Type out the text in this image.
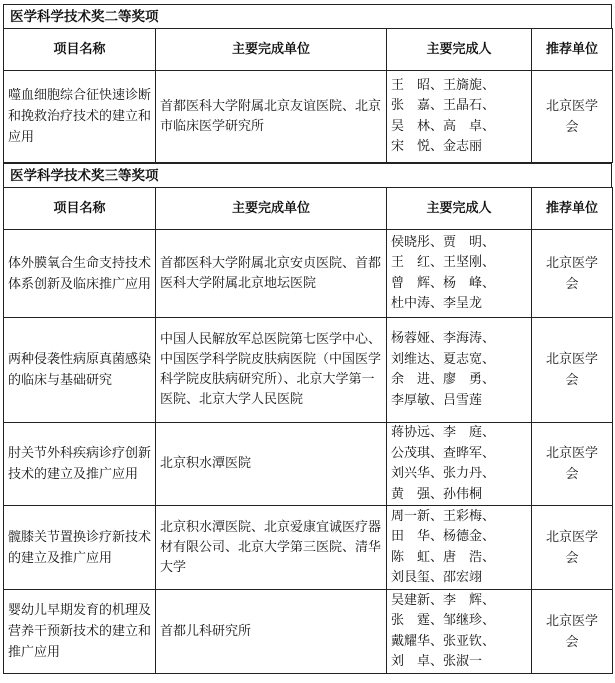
医学科学技术奖二等奖项
项目名称	主要完成单位	主要完成人	推荐单位
噬血细胞综合征快速诊断和挽救治疗技术的建立和应用	首都医科大学附属北京友谊医院、北京市临床医学研究所	王　昭、王旖旎、
张　嘉、王晶石、
吴　林、高　卓、
宋　悦、金志丽	北京医学会
医学科学技术奖三等奖项
项目名称	主要完成单位	主要完成人	推荐单位
体外膜氧合生命支持技术体系创新及临床推广应用	首都医科大学附属北京安贞医院、首都医科大学附属北京地坛医院	侯晓彤、贾　明、
王　红、王坚刚、
曾　辉、杨　峰、
杜中涛、李呈龙	北京医学会
两种侵袭性病原真菌感染的临床与基础研究	中国人民解放军总医院第七医学中心、中国医学科学院皮肤病医院（中国医学科学院皮肤病研究所）、北京大学第一医院、北京大学人民医院	杨蓉娅、李海涛、
刘维达、夏志宽、
余　进、廖　勇、
李厚敏、吕雪莲	北京医学会
肘关节外科疾病诊疗创新技术的建立及推广应用	北京积水潭医院	蒋协远、李　庭、
公茂琪、查晔军、
刘兴华、张力丹、
黄　强、孙伟桐	北京医学会
髋膝关节置换诊疗新技术的建立及推广应用	北京积水潭医院、北京爱康宜诚医疗器材有限公司、北京大学第三医院、清华大学	周一新、王彩梅、
田　华、杨德金、
陈　虹、唐　浩、
刘艮玺、邵宏翊	北京医学会
婴幼儿早期发育的机理及营养干预新技术的建立和推广应用	首都儿科研究所	吴建新、李　辉、
张　霆、邹继珍、
戴耀华、张亚钦、
刘　卓、张淑一	北京医学会
